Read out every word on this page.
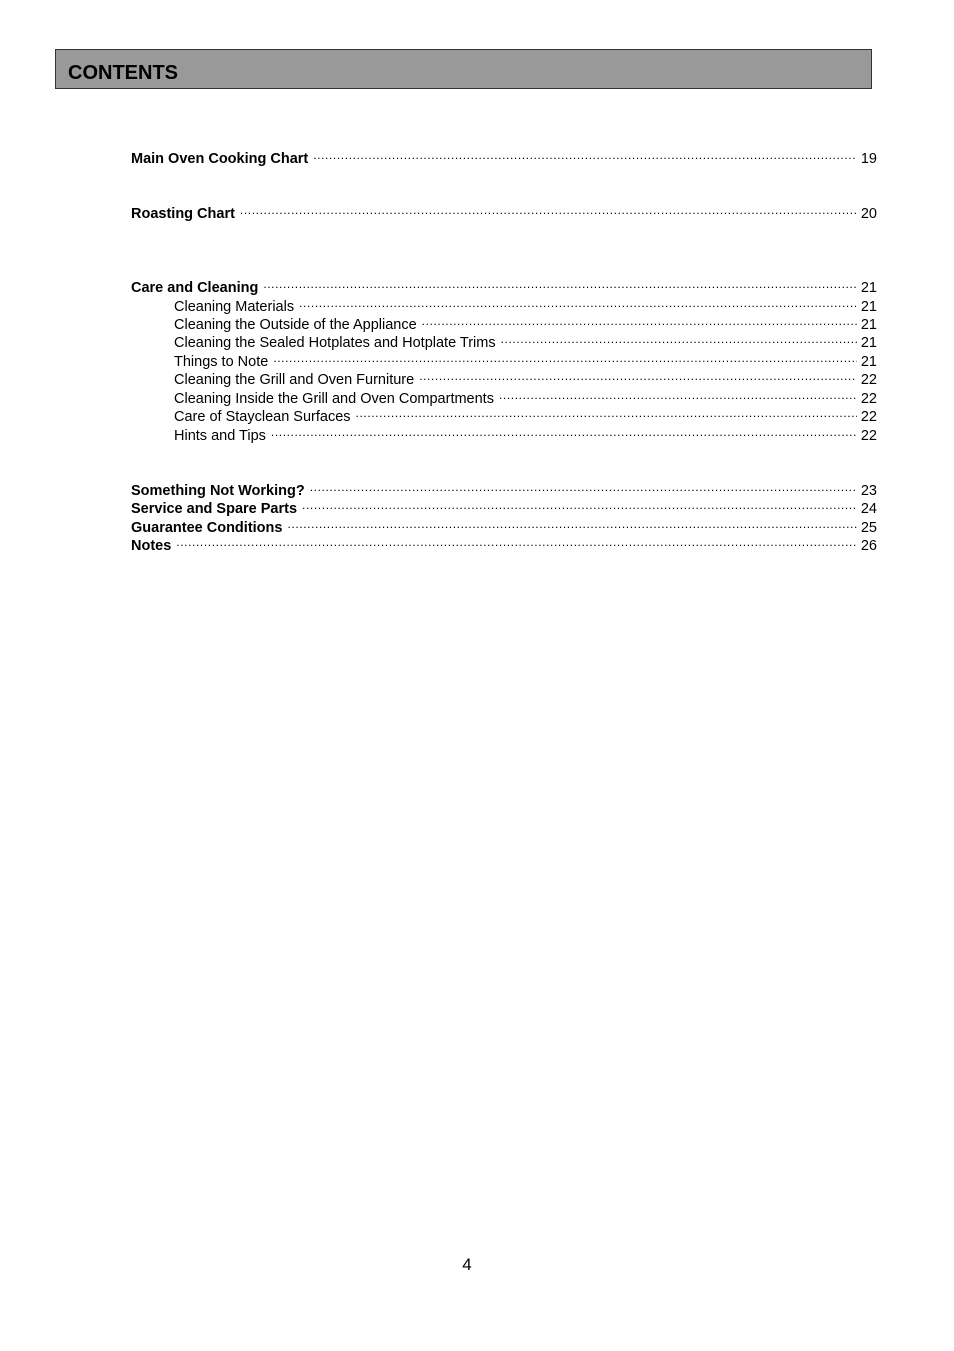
CONTENTS
Main Oven Cooking Chart .....	19
Roasting Chart .....	20
Care and Cleaning .....	21
Cleaning Materials .....	21
Cleaning the Outside of the Appliance .....	21
Cleaning the Sealed Hotplates and Hotplate Trims .....	21
Things to Note .....	21
Cleaning the Grill and Oven Furniture .....	22
Cleaning Inside the Grill and Oven Compartments .....	22
Care of Stayclean Surfaces .....	22
Hints and Tips .....	22
Something Not Working? .....	23
Service and Spare Parts .....	24
Guarantee Conditions .....	25
Notes .....	26
4
